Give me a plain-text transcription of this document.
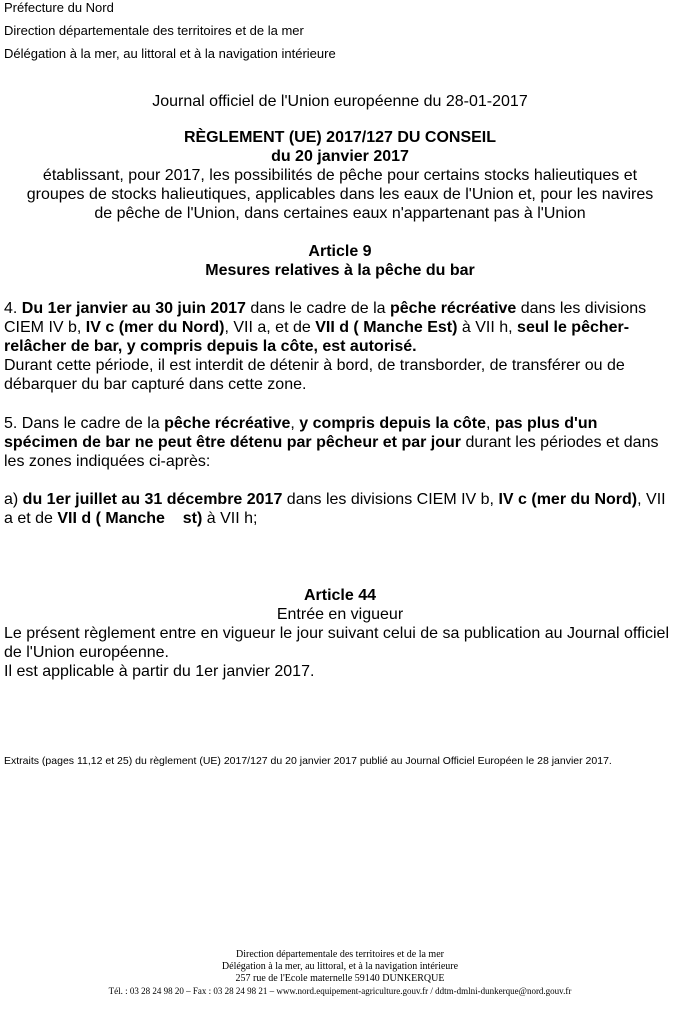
Préfecture du Nord
Direction départementale des territoires et de la mer
Délégation à la mer, au littoral et à la navigation intérieure
Journal officiel de l'Union européenne du 28-01-2017
RÈGLEMENT (UE) 2017/127 DU CONSEIL
du 20 janvier 2017
établissant, pour 2017, les possibilités de pêche pour certains stocks halieutiques et
groupes de stocks halieutiques, applicables dans les eaux de l'Union et, pour les navires
de pêche de l'Union, dans certaines eaux n'appartenant pas à l'Union
Article 9
Mesures relatives à la pêche du bar
4. Du 1er janvier au 30 juin 2017 dans le cadre de la pêche récréative dans les divisions CIEM IV b, IV c (mer du Nord), VII a, et de VII d ( Manche Est) à VII h, seul le pêcher-relâcher de bar, y compris depuis la côte, est autorisé.
Durant cette période, il est interdit de détenir à bord, de transborder, de transférer ou de débarquer du bar capturé dans cette zone.
5. Dans le cadre de la pêche récréative, y compris depuis la côte, pas plus d'un spécimen de bar ne peut être détenu par pêcheur et par jour durant les périodes et dans les zones indiquées ci-après:
a) du 1er juillet au 31 décembre 2017 dans les divisions CIEM IV b, IV c (mer du Nord), VII a et de VII d ( Manche    st) à VII h;
Article 44
Entrée en vigueur
Le présent règlement entre en vigueur le jour suivant celui de sa publication au Journal officiel de l'Union européenne.
Il est applicable à partir du 1er janvier 2017.
Extraits (pages 11,12 et 25) du règlement (UE) 2017/127 du 20 janvier 2017 publié au Journal Officiel Européen le 28 janvier 2017.
Direction départementale des territoires et de la mer
Délégation à la mer, au littoral, et à la navigation intérieure
257 rue de l'Ecole maternelle 59140 DUNKERQUE
Tél. : 03 28 24 98 20 – Fax : 03 28 24 98 21 – www.nord.equipement-agriculture.gouv.fr / ddtm-dmlni-dunkerque@nord.gouv.fr
